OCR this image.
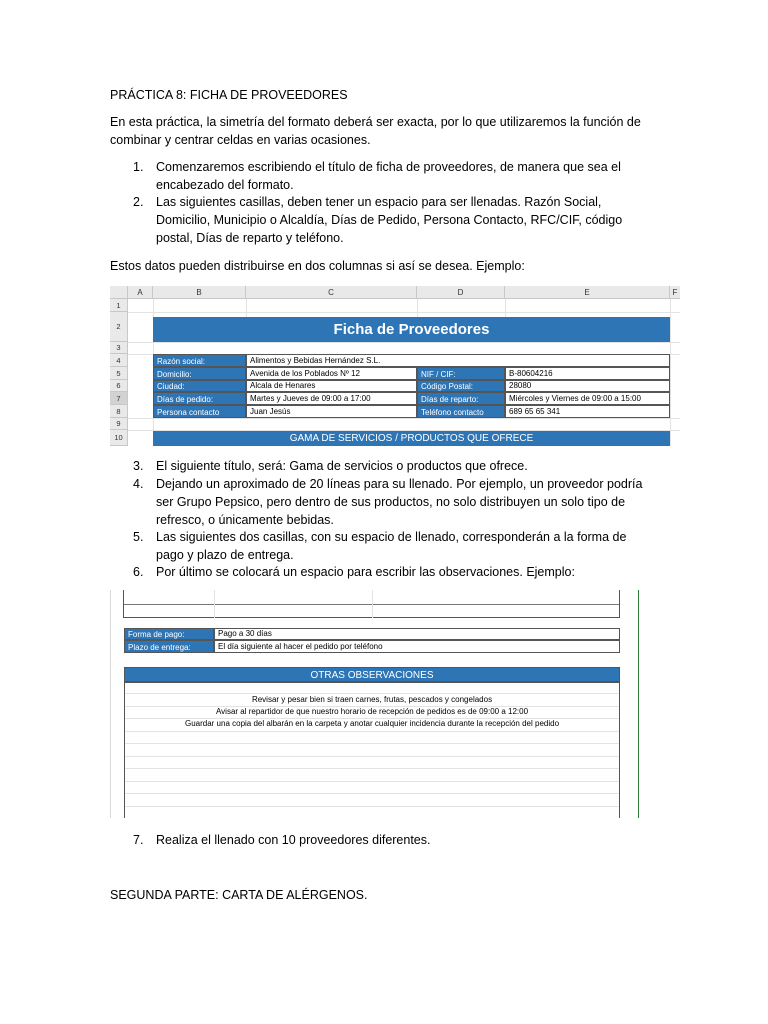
PRÁCTICA 8: FICHA DE PROVEEDORES
En esta práctica, la simetría del formato deberá ser exacta, por lo que utilizaremos la función de combinar y centrar celdas en varias ocasiones.
1. Comenzaremos escribiendo el título de ficha de proveedores, de manera que sea el encabezado del formato.
2. Las siguientes casillas, deben tener un espacio para ser llenadas. Razón Social, Domicilio, Municipio o Alcaldía, Días de Pedido, Persona Contacto, RFC/CIF, código postal, Días de reparto y teléfono.
Estos datos pueden distribuirse en dos columnas si así se desea. Ejemplo:
3. El siguiente título, será: Gama de servicios o productos que ofrece.
4. Dejando un aproximado de 20 líneas para su llenado. Por ejemplo, un proveedor podría ser Grupo Pepsico, pero dentro de sus productos, no solo distribuyen un solo tipo de refresco, o únicamente bebidas.
5. Las siguientes dos casillas, con su espacio de llenado, corresponderán a la forma de pago y plazo de entrega.
6. Por último se colocará un espacio para escribir las observaciones. Ejemplo:
7. Realiza el llenado con 10 proveedores diferentes.
SEGUNDA PARTE: CARTA DE ALÉRGENOS.
A	B	C	D	E	F
1
2
3
4
5
6
7
8
9
10
Ficha de Proveedores
Razón social:	Alimentos y Bebidas Hernández S.L.
Domicilio:	Avenida de los Poblados Nº 12	NIF / CIF:	B-80604216
Ciudad:	Alcala de Henares	Código Postal:	28080
Días de pedido:	Martes y Jueves de 09:00 a 17:00	Días de reparto:	Miércoles y Viernes de 09:00 a 15:00
Persona contacto	Juan Jesús	Teléfono contacto	689 65 65 341
GAMA DE SERVICIOS / PRODUCTOS QUE OFRECE
Forma de pago:	Pago a 30 días
Plazo de entrega:	El día siguiente al hacer el pedido por teléfono
OTRAS OBSERVACIONES
Revisar y pesar bien si traen carnes, frutas, pescados y congelados
Avisar al repartidor de que nuestro horario de recepción de pedidos es de 09:00 a 12:00
Guardar una copia del albarán en la carpeta y anotar cualquier incidencia durante la recepción del pedido
